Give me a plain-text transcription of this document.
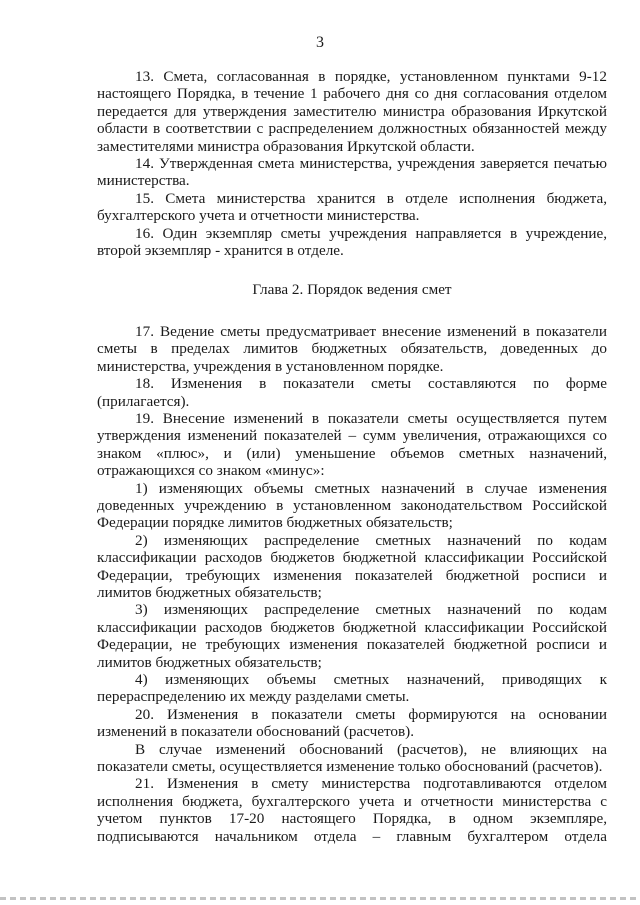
3

13. Смета, согласованная в порядке, установленном пунктами 9-12 настоящего Порядка, в течение 1 рабочего дня со дня согласования отделом передается для утверждения заместителю министра образования Иркутской области в соответствии с распределением должностных обязанностей между заместителями министра образования Иркутской области.

14. Утвержденная смета министерства, учреждения заверяется печатью министерства.

15. Смета министерства хранится в отделе исполнения бюджета, бухгалтерского учета и отчетности министерства.

16. Один экземпляр сметы учреждения направляется в учреждение, второй экземпляр - хранится в отделе.

Глава 2. Порядок ведения смет

17. Ведение сметы предусматривает внесение изменений в показатели сметы в пределах лимитов бюджетных обязательств, доведенных до министерства, учреждения в установленном порядке.

18. Изменения в показатели сметы составляются по форме (прилагается).

19. Внесение изменений в показатели сметы осуществляется путем утверждения изменений показателей – сумм увеличения, отражающихся со знаком «плюс», и (или) уменьшение объемов сметных назначений, отражающихся со знаком «минус»:

1) изменяющих объемы сметных назначений в случае изменения доведенных учреждению в установленном законодательством Российской Федерации порядке лимитов бюджетных обязательств;

2) изменяющих распределение сметных назначений по кодам классификации расходов бюджетов бюджетной классификации Российской Федерации, требующих изменения показателей бюджетной росписи и лимитов бюджетных обязательств;

3) изменяющих распределение сметных назначений по кодам классификации расходов бюджетов бюджетной классификации Российской Федерации, не требующих изменения показателей бюджетной росписи и лимитов бюджетных обязательств;

4) изменяющих объемы сметных назначений, приводящих к перераспределению их между разделами сметы.

20. Изменения в показатели сметы формируются на основании изменений в показатели обоснований (расчетов).

В случае изменений обоснований (расчетов), не влияющих на показатели сметы, осуществляется изменение только обоснований (расчетов).

21. Изменения в смету министерства подготавливаются отделом исполнения бюджета, бухгалтерского учета и отчетности министерства с учетом пунктов 17-20 настоящего Порядка, в одном экземпляре, подписываются начальником отдела – главным бухгалтером отдела
